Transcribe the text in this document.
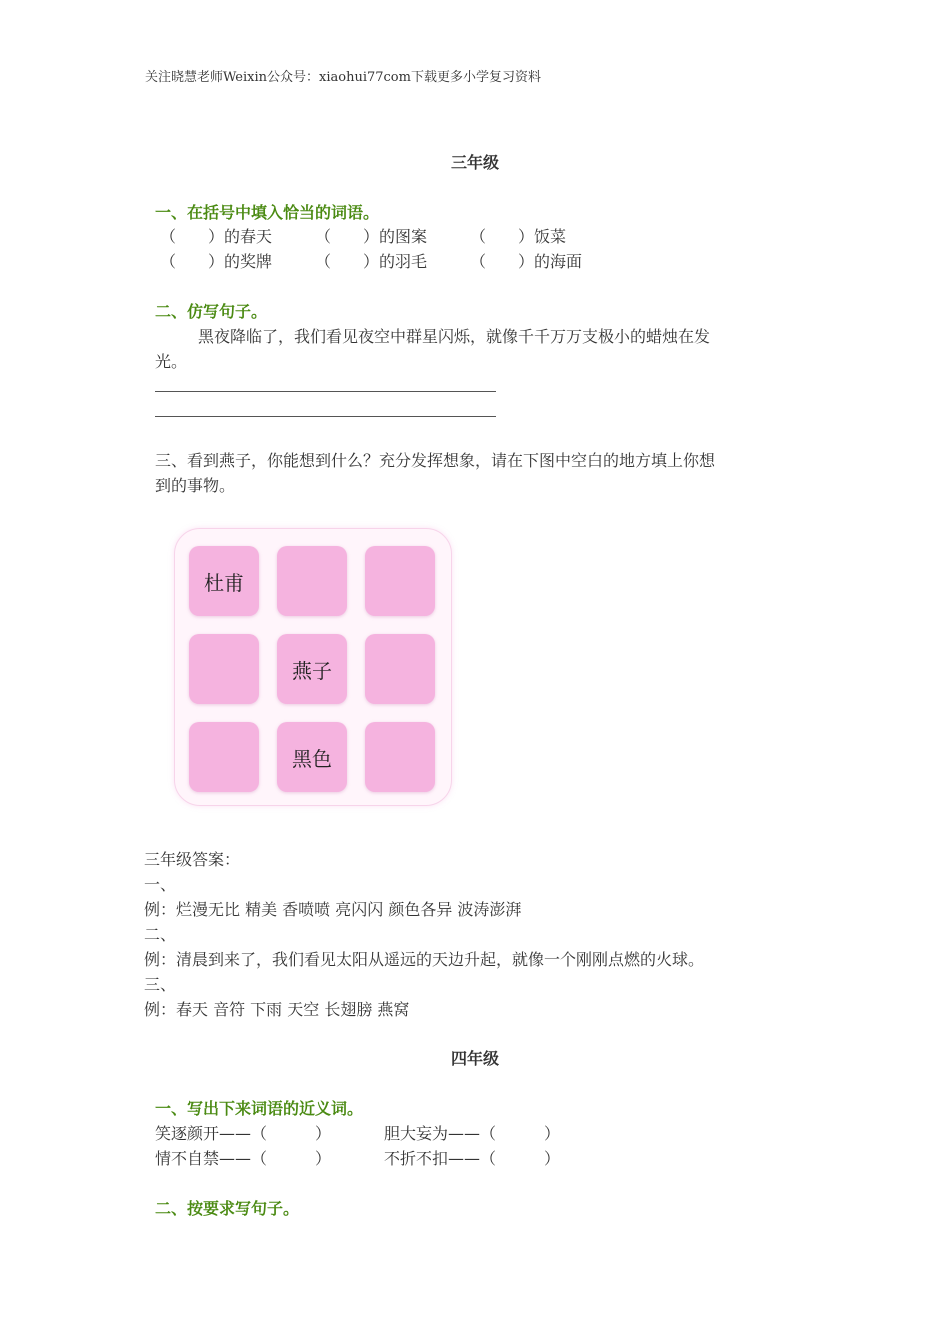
关注晓慧老师Weixin公众号：xiaohui77com下载更多小学复习资料
三年级
一、在括号中填入恰当的词语。
（　　）的春天	（　　）的图案	（　　）饭菜
（　　）的奖牌	（　　）的羽毛	（　　）的海面
二、仿写句子。
黑夜降临了，我们看见夜空中群星闪烁，就像千千万万支极小的蜡烛在发
光。
三、看到燕子，你能想到什么？充分发挥想象，请在下图中空白的地方填上你想
到的事物。
杜甫
燕子
黑色
三年级答案：
一、
例：烂漫无比 精美 香喷喷 亮闪闪 颜色各异 波涛澎湃
二、
例：清晨到来了，我们看见太阳从遥远的天边升起，就像一个刚刚点燃的火球。
三、
例：春天 音符 下雨 天空 长翅膀 燕窝
四年级
一、写出下来词语的近义词。
笑逐颜开——（　　　）	胆大妄为——（　　　）
情不自禁——（　　　）	不折不扣——（　　　）
二、按要求写句子。
